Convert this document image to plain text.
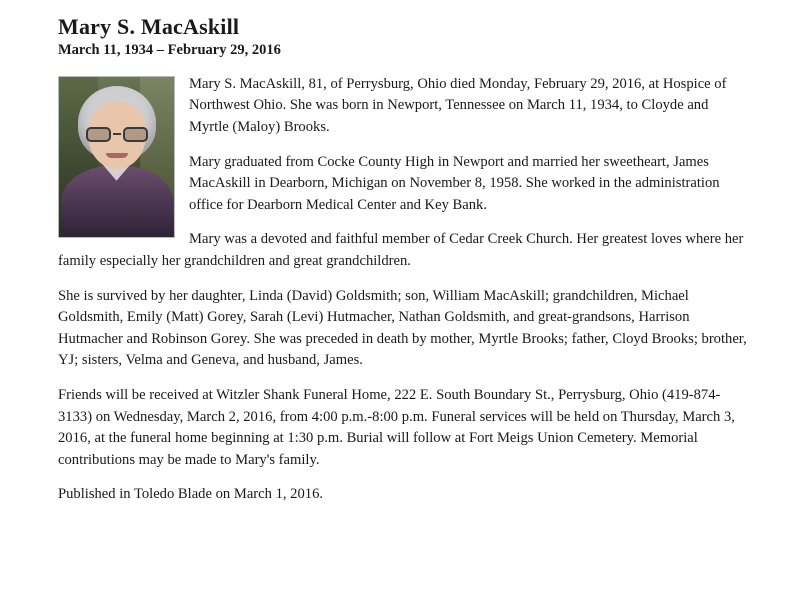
Mary S. MacAskill
March 11, 1934 – February 29, 2016

Mary S. MacAskill, 81, of Perrysburg, Ohio died Monday, February 29, 2016, at Hospice of Northwest Ohio. She was born in Newport, Tennessee on March 11, 1934, to Cloyde and Myrtle (Maloy) Brooks.

Mary graduated from Cocke County High in Newport and married her sweetheart, James MacAskill in Dearborn, Michigan on November 8, 1958. She worked in the administration office for Dearborn Medical Center and Key Bank.

Mary was a devoted and faithful member of Cedar Creek Church. Her greatest loves where her family especially her grandchildren and great grandchildren.

She is survived by her daughter, Linda (David) Goldsmith; son, William MacAskill; grandchildren, Michael Goldsmith, Emily (Matt) Gorey, Sarah (Levi) Hutmacher, Nathan Goldsmith, and great-grandsons, Harrison Hutmacher and Robinson Gorey. She was preceded in death by mother, Myrtle Brooks; father, Cloyd Brooks; brother, YJ; sisters, Velma and Geneva, and husband, James.

Friends will be received at Witzler Shank Funeral Home, 222 E. South Boundary St., Perrysburg, Ohio (419-874-3133) on Wednesday, March 2, 2016, from 4:00 p.m.-8:00 p.m. Funeral services will be held on Thursday, March 3, 2016, at the funeral home beginning at 1:30 p.m. Burial will follow at Fort Meigs Union Cemetery. Memorial contributions may be made to Mary's family.

Published in Toledo Blade on March 1, 2016.
